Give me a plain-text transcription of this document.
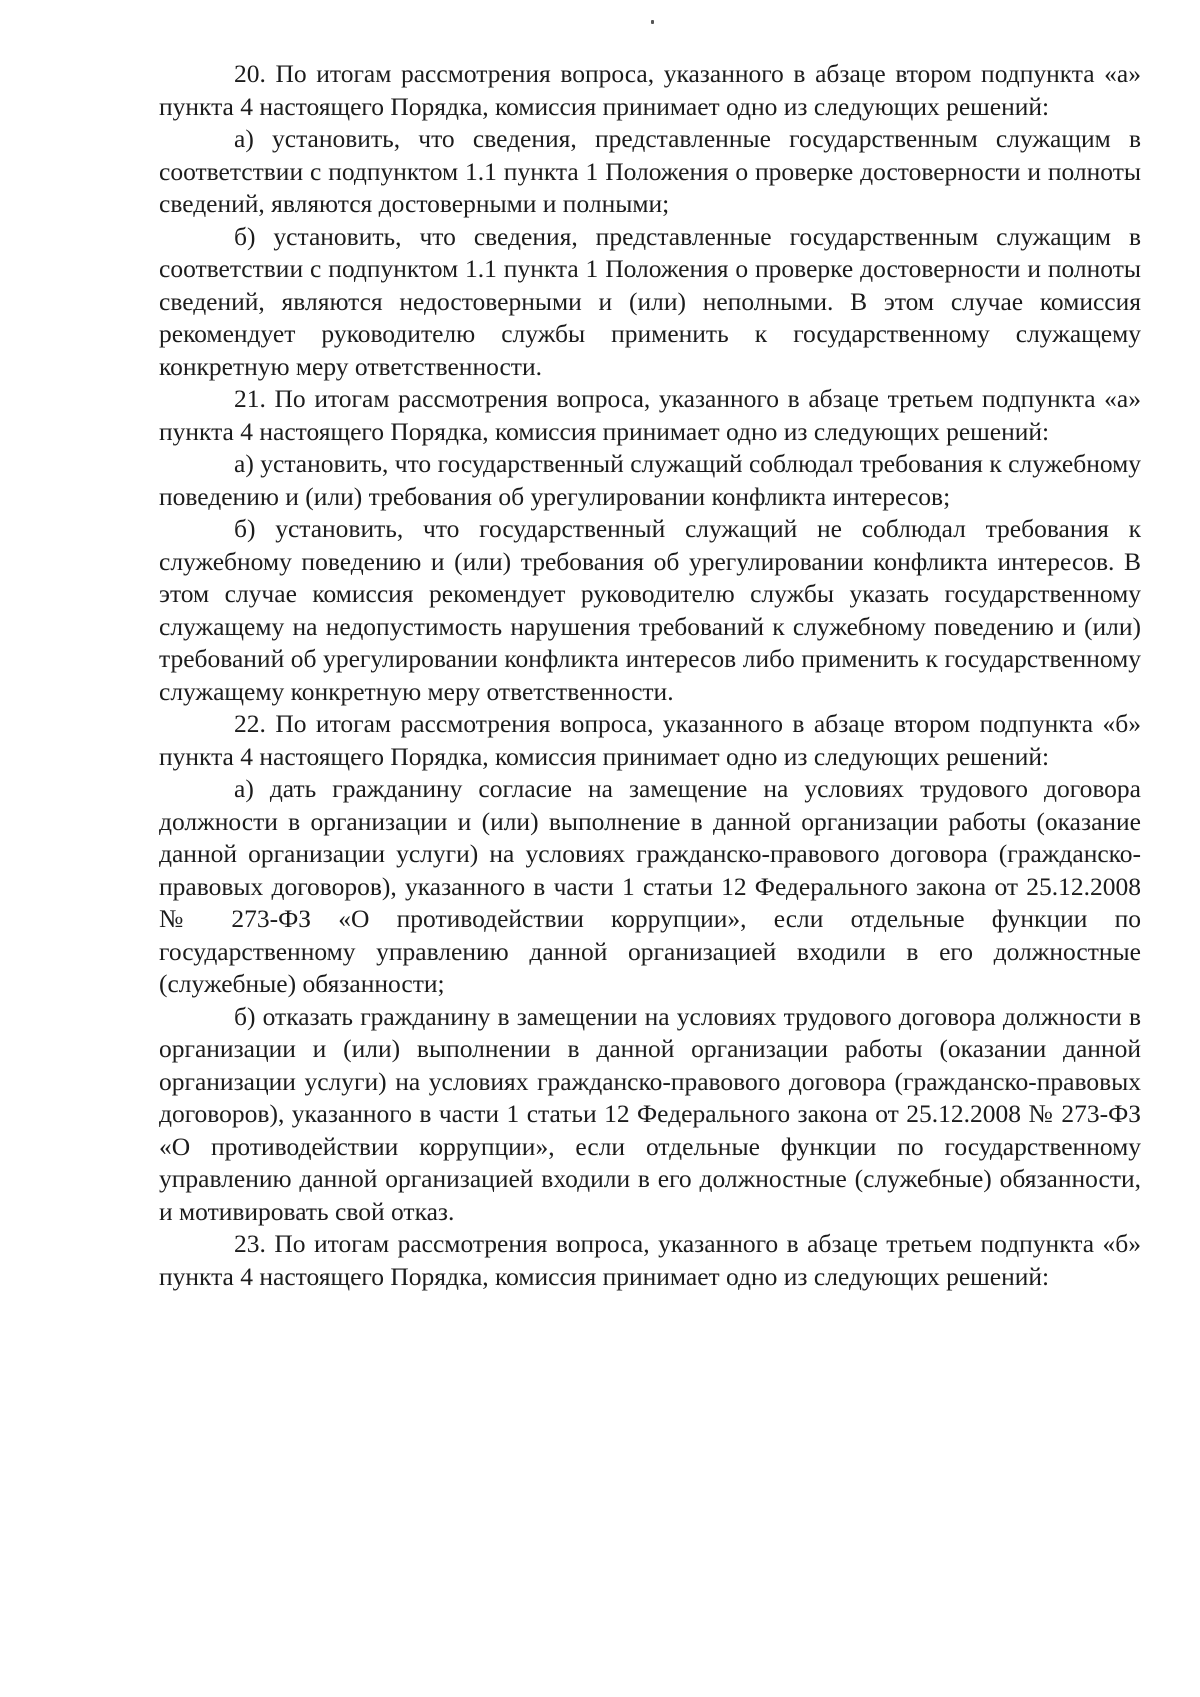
20. По итогам рассмотрения вопроса, указанного в абзаце втором подпункта «а» пункта 4 настоящего Порядка, комиссия принимает одно из следующих решений:

а) установить, что сведения, представленные государственным служащим в соответствии с подпунктом 1.1 пункта 1 Положения о проверке достоверности и полноты сведений, являются достоверными и полными;

б) установить, что сведения, представленные государственным служащим в соответствии с подпунктом 1.1 пункта 1 Положения о проверке достоверности и полноты сведений, являются недостоверными и (или) неполными. В этом случае комиссия рекомендует руководителю службы применить к государственному служащему конкретную меру ответственности.

21. По итогам рассмотрения вопроса, указанного в абзаце третьем подпункта «а» пункта 4 настоящего Порядка, комиссия принимает одно из следующих решений:

а) установить, что государственный служащий соблюдал требования к служебному поведению и (или) требования об урегулировании конфликта интересов;

б) установить, что государственный служащий не соблюдал требования к служебному поведению и (или) требования об урегулировании конфликта интересов. В этом случае комиссия рекомендует руководителю службы указать государственному служащему на недопустимость нарушения требований к служебному поведению и (или) требований об урегулировании конфликта интересов либо применить к государственному служащему конкретную меру ответственности.

22. По итогам рассмотрения вопроса, указанного в абзаце втором подпункта «б» пункта 4 настоящего Порядка, комиссия принимает одно из следующих решений:

а) дать гражданину согласие на замещение на условиях трудового договора должности в организации и (или) выполнение в данной организации работы (оказание данной организации услуги) на условиях гражданско-правового договора (гражданско-правовых договоров), указанного в части 1 статьи 12 Федерального закона от 25.12.2008 № 273-ФЗ «О противодействии коррупции», если отдельные функции по государственному управлению данной организацией входили в его должностные (служебные) обязанности;

б) отказать гражданину в замещении на условиях трудового договора должности в организации и (или) выполнении в данной организации работы (оказании данной организации услуги) на условиях гражданско-правового договора (гражданско-правовых договоров), указанного в части 1 статьи 12 Федерального закона от 25.12.2008 № 273-ФЗ «О противодействии коррупции», если отдельные функции по государственному управлению данной организацией входили в его должностные (служебные) обязанности, и мотивировать свой отказ.

23. По итогам рассмотрения вопроса, указанного в абзаце третьем подпункта «б» пункта 4 настоящего Порядка, комиссия принимает одно из следующих решений:
